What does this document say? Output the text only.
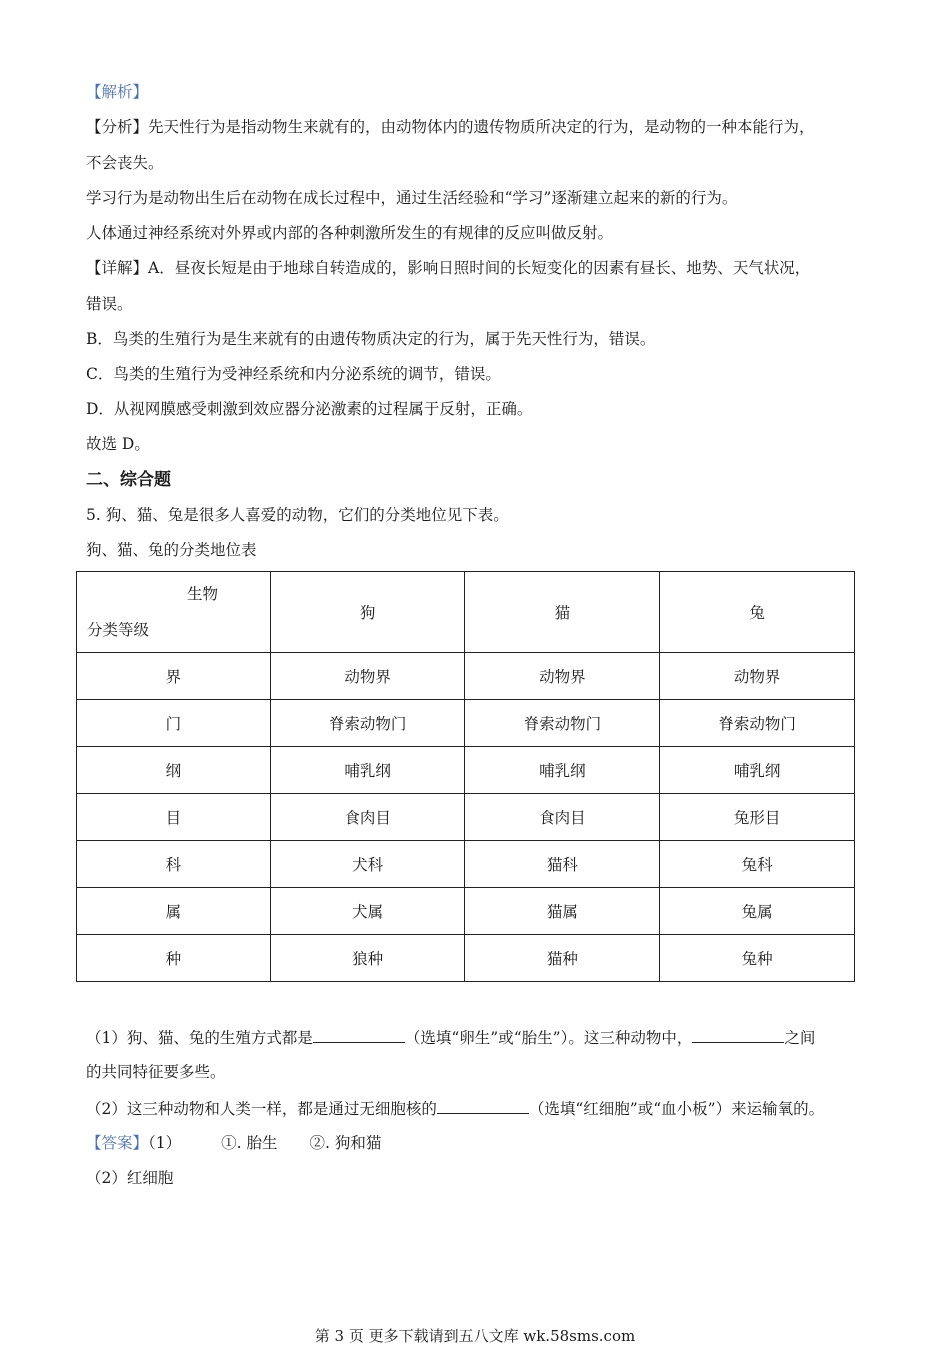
【解析】
【分析】先天性行为是指动物生来就有的，由动物体内的遗传物质所决定的行为，是动物的一种本能行为，
不会丧失。
学习行为是动物出生后在动物在成长过程中，通过生活经验和“学习”逐渐建立起来的新的行为。
人体通过神经系统对外界或内部的各种刺激所发生的有规律的反应叫做反射。
【详解】A．昼夜长短是由于地球自转造成的，影响日照时间的长短变化的因素有昼长、地势、天气状况，
错误。
B．鸟类的生殖行为是生来就有的由遗传物质决定的行为，属于先天性行为，错误。
C．鸟类的生殖行为受神经系统和内分泌系统的调节，错误。
D．从视网膜感受刺激到效应器分泌激素的过程属于反射，正确。
故选 D。
二、综合题
5. 狗、猫、兔是很多人喜爱的动物，它们的分类地位见下表。
狗、猫、兔的分类地位表
生物
分类等级	狗	猫	兔
界	动物界	动物界	动物界
门	脊索动物门	脊索动物门	脊索动物门
纲	哺乳纲	哺乳纲	哺乳纲
目	食肉目	食肉目	兔形目
科	犬科	猫科	兔科
属	犬属	猫属	兔属
种	狼种	猫种	兔种
（1）狗、猫、兔的生殖方式都是	（选填“卵生”或“胎生”）。这三种动物中，	之间
的共同特征要多些。
（2）这三种动物和人类一样，都是通过无细胞核的	（选填“红细胞”或“血小板”）来运输氧的。
【答案】（1）	①. 胎生 ②. 狗和猫
（2）红细胞
第 3 页 更多下载请到五八文库 wk.58sms.com
